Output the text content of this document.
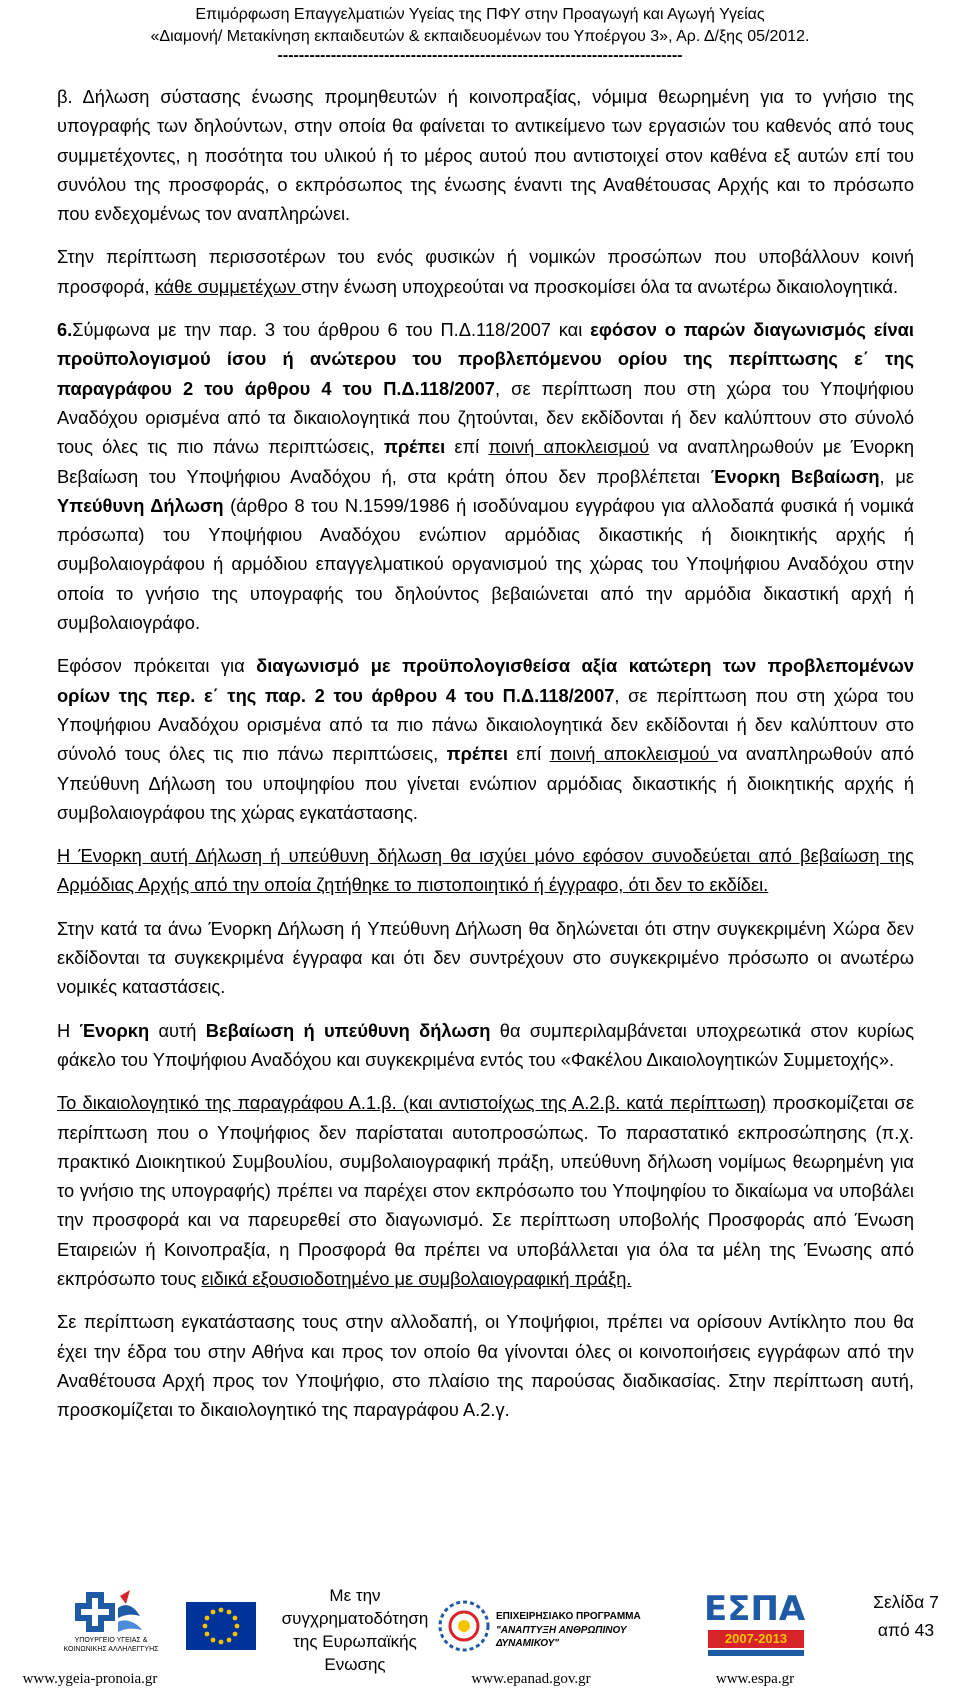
Επιμόρφωση Επαγγελματιών Υγείας της ΠΦΥ στην Προαγωγή και Αγωγή Υγείας
«Διαμονή/ Μετακίνηση εκπαιδευτών & εκπαιδευομένων του Υποέργου 3», Αρ. Δ/ξης 05/2012.
----------------------------------------------------------------------------

β. Δήλωση σύστασης ένωσης προμηθευτών ή κοινοπραξίας, νόμιμα θεωρημένη για το γνήσιο της υπογραφής των δηλούντων, στην οποία θα φαίνεται το αντικείμενο των εργασιών του καθενός από τους συμμετέχοντες, η ποσότητα του υλικού ή το μέρος αυτού που αντιστοιχεί στον καθένα εξ αυτών επί του συνόλου της προσφοράς, ο εκπρόσωπος της ένωσης έναντι της Αναθέτουσας Αρχής και το πρόσωπο που ενδεχομένως τον αναπληρώνει.

Στην περίπτωση περισσοτέρων του ενός φυσικών ή νομικών προσώπων που υποβάλλουν κοινή προσφορά, κάθε συμμετέχων στην ένωση υποχρεούται να προσκομίσει όλα τα ανωτέρω δικαιολογητικά.

6.Σύμφωνα με την παρ. 3 του άρθρου 6 του Π.Δ.118/2007 και εφόσον ο παρών διαγωνισμός είναι προϋπολογισμού ίσου ή ανώτερου του προβλεπόμενου ορίου της περίπτωσης ε΄ της παραγράφου 2 του άρθρου 4 του Π.Δ.118/2007, σε περίπτωση που στη χώρα του Υποψήφιου Αναδόχου ορισμένα από τα δικαιολογητικά που ζητούνται, δεν εκδίδονται ή δεν καλύπτουν στο σύνολό τους όλες τις πιο πάνω περιπτώσεις, πρέπει επί ποινή αποκλεισμού να αναπληρωθούν με Ένορκη Βεβαίωση του Υποψήφιου Αναδόχου ή, στα κράτη όπου δεν προβλέπεται Ένορκη Βεβαίωση, με Υπεύθυνη Δήλωση (άρθρο 8 του Ν.1599/1986 ή ισοδύναμου εγγράφου για αλλοδαπά φυσικά ή νομικά πρόσωπα) του Υποψήφιου Αναδόχου ενώπιον αρμόδιας δικαστικής ή διοικητικής αρχής ή συμβολαιογράφου ή αρμόδιου επαγγελματικού οργανισμού της χώρας του Υποψήφιου Αναδόχου στην οποία το γνήσιο της υπογραφής του δηλούντος βεβαιώνεται από την αρμόδια δικαστική αρχή ή συμβολαιογράφο.

Εφόσον πρόκειται για διαγωνισμό με προϋπολογισθείσα αξία κατώτερη των προβλεπομένων ορίων της περ. ε΄ της παρ. 2 του άρθρου 4 του Π.Δ.118/2007, σε περίπτωση που στη χώρα του Υποψήφιου Αναδόχου ορισμένα από τα πιο πάνω δικαιολογητικά δεν εκδίδονται ή δεν καλύπτουν στο σύνολό τους όλες τις πιο πάνω περιπτώσεις, πρέπει επί ποινή αποκλεισμού να αναπληρωθούν από Υπεύθυνη Δήλωση του υποψηφίου που γίνεται ενώπιον αρμόδιας δικαστικής ή διοικητικής αρχής ή συμβολαιογράφου της χώρας εγκατάστασης.

Η Ένορκη αυτή Δήλωση ή υπεύθυνη δήλωση θα ισχύει μόνο εφόσον συνοδεύεται από βεβαίωση της Αρμόδιας Αρχής από την οποία ζητήθηκε το πιστοποιητικό ή έγγραφο, ότι δεν το εκδίδει.

Στην κατά τα άνω Ένορκη Δήλωση ή Υπεύθυνη Δήλωση θα δηλώνεται ότι στην συγκεκριμένη Χώρα δεν εκδίδονται τα συγκεκριμένα έγγραφα και ότι δεν συντρέχουν στο συγκεκριμένο πρόσωπο οι ανωτέρω νομικές καταστάσεις.

Η Ένορκη αυτή Βεβαίωση ή υπεύθυνη δήλωση θα συμπεριλαμβάνεται υποχρεωτικά στον κυρίως φάκελο του Υποψήφιου Αναδόχου και συγκεκριμένα εντός του «Φακέλου Δικαιολογητικών Συμμετοχής».

Το δικαιολογητικό της παραγράφου Α.1.β. (και αντιστοίχως της Α.2.β. κατά περίπτωση) προσκομίζεται σε περίπτωση που ο Υποψήφιος δεν παρίσταται αυτοπροσώπως. Το παραστατικό εκπροσώπησης (π.χ. πρακτικό Διοικητικού Συμβουλίου, συμβολαιογραφική πράξη, υπεύθυνη δήλωση νομίμως θεωρημένη για το γνήσιο της υπογραφής) πρέπει να παρέχει στον εκπρόσωπο του Υποψηφίου το δικαίωμα να υποβάλει την προσφορά και να παρευρεθεί στο διαγωνισμό. Σε περίπτωση υποβολής Προσφοράς από Ένωση Εταιρειών ή Κοινοπραξία, η Προσφορά θα πρέπει να υποβάλλεται για όλα τα μέλη της Ένωσης από εκπρόσωπο τους ειδικά εξουσιοδοτημένο με συμβολαιογραφική πράξη.

Σε περίπτωση εγκατάστασης τους στην αλλοδαπή, οι Υποψήφιοι, πρέπει να ορίσουν Αντίκλητο που θα έχει την έδρα του στην Αθήνα και προς τον οποίο θα γίνονται όλες οι κοινοποιήσεις εγγράφων από την Αναθέτουσα Αρχή προς τον Υποψήφιο, στο πλαίσιο της παρούσας διαδικασίας. Στην περίπτωση αυτή, προσκομίζεται το δικαιολογητικό της παραγράφου Α.2.γ.

ΥΠΟΥΡΓΕΙΟ ΥΓΕΙΑΣ &
ΚΟΙΝΩΝΙΚΗΣ ΑΛΛΗΛΕΓΓΥΗΣ
www.ygeia-pronoia.gr
Με την
συγχρηματοδότηση
της Ευρωπαϊκής
Ενωσης
ΕΠΙΧΕΙΡΗΣΙΑΚΟ ΠΡΟΓΡΑΜΜΑ
"ΑΝΑΠΤΥΞΗ ΑΝΘΡΩΠΙΝΟΥ ΔΥΝΑΜΙΚΟΥ"
www.epanad.gov.gr
ΕΣΠΑ
2007-2013
www.espa.gr
Σελίδα 7
από 43
